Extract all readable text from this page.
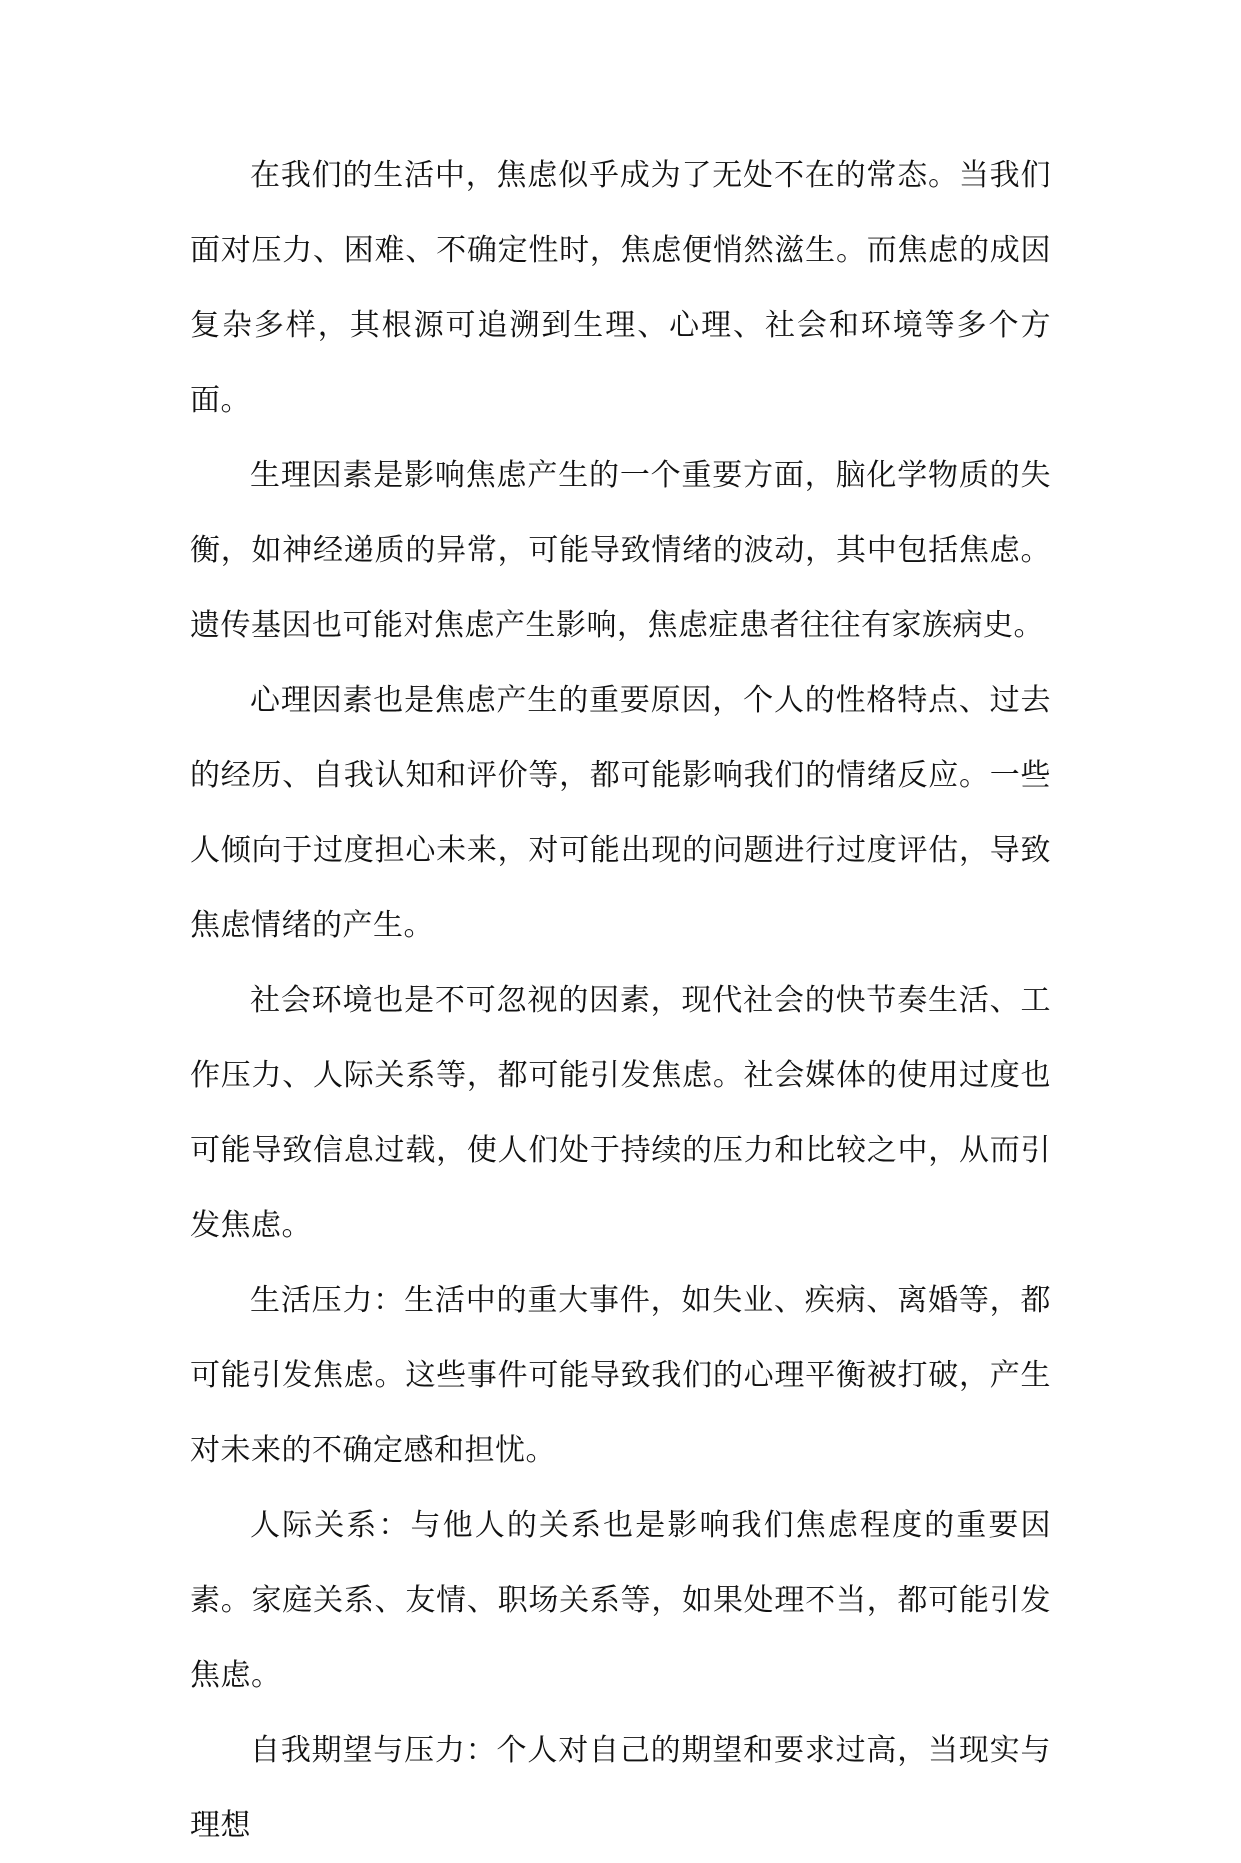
在我们的生活中，焦虑似乎成为了无处不在的常态。当我们面对压力、困难、不确定性时，焦虑便悄然滋生。而焦虑的成因复杂多样，其根源可追溯到生理、心理、社会和环境等多个方面。

生理因素是影响焦虑产生的一个重要方面，脑化学物质的失衡，如神经递质的异常，可能导致情绪的波动，其中包括焦虑。遗传基因也可能对焦虑产生影响，焦虑症患者往往有家族病史。

心理因素也是焦虑产生的重要原因，个人的性格特点、过去的经历、自我认知和评价等，都可能影响我们的情绪反应。一些人倾向于过度担心未来，对可能出现的问题进行过度评估，导致焦虑情绪的产生。

社会环境也是不可忽视的因素，现代社会的快节奏生活、工作压力、人际关系等，都可能引发焦虑。社会媒体的使用过度也可能导致信息过载，使人们处于持续的压力和比较之中，从而引发焦虑。

生活压力：生活中的重大事件，如失业、疾病、离婚等，都可能引发焦虑。这些事件可能导致我们的心理平衡被打破，产生对未来的不确定感和担忧。

人际关系：与他人的关系也是影响我们焦虑程度的重要因素。家庭关系、友情、职场关系等，如果处理不当，都可能引发焦虑。

自我期望与压力：个人对自己的期望和要求过高，当现实与理想
